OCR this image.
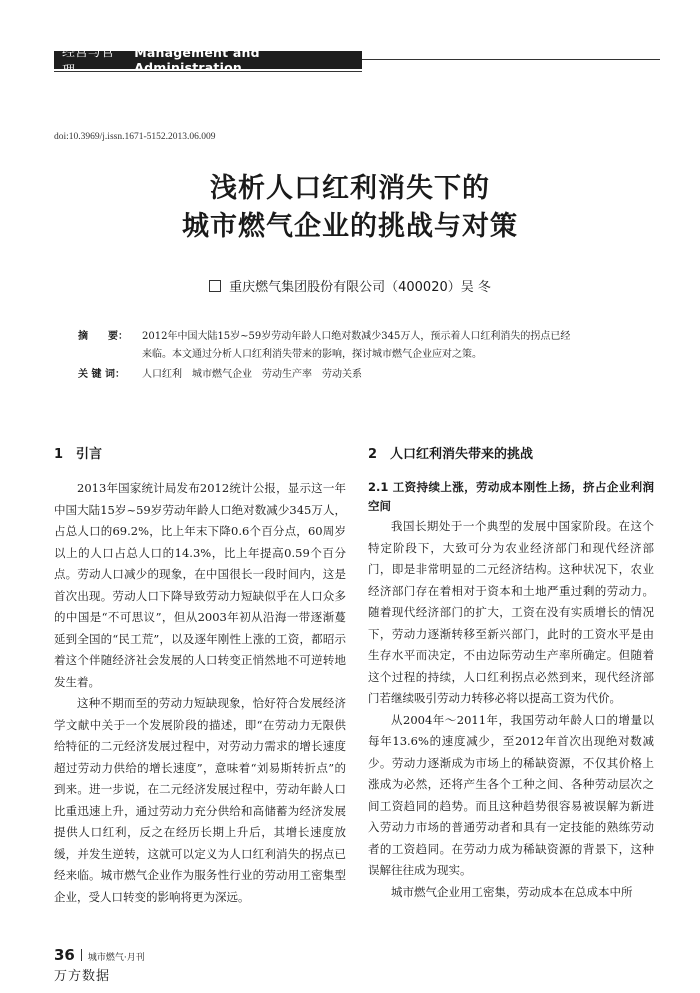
经营与管理
Management and Administration
doi:10.3969/j.issn.1671-5152.2013.06.009
浅析人口红利消失下的
城市燃气企业的挑战与对策
重庆燃气集团股份有限公司（400020）吴 冬
摘　　要： 2012年中国大陆15岁~59岁劳动年龄人口绝对数减少345万人，预示着人口红利消失的拐点已经
来临。本文通过分析人口红利消失带来的影响，探讨城市燃气企业应对之策。
关 键 词： 人口红利　城市燃气企业　劳动生产率　劳动关系
1 引言	2 人口红利消失带来的挑战

2013年国家统计局发布2012统计公报，显示这一年中国大陆15岁~59岁劳动年龄人口绝对数减少345万人，占总人口的69.2%，比上年末下降0.6个百分点，60周岁以上的人口占总人口的14.3%，比上年提高0.59个百分点。劳动人口减少的现象，在中国很长一段时间内，这是首次出现。劳动人口下降导致劳动力短缺似乎在人口众多的中国是“不可思议”，但从2003年初从沿海一带逐渐蔓延到全国的“民工荒”，以及逐年刚性上涨的工资，都昭示着这个伴随经济社会发展的人口转变正悄然地不可逆转地发生着。

这种不期而至的劳动力短缺现象，恰好符合发展经济学文献中关于一个发展阶段的描述，即“在劳动力无限供给特征的二元经济发展过程中，对劳动力需求的增长速度超过劳动力供给的增长速度”，意味着“刘易斯转折点”的到来。进一步说，在二元经济发展过程中，劳动年龄人口比重迅速上升，通过劳动力充分供给和高储蓄为经济发展提供人口红利，反之在经历长期上升后，其增长速度放缓，并发生逆转，这就可以定义为人口红利消失的拐点已经来临。城市燃气企业作为服务性行业的劳动用工密集型企业，受人口转变的影响将更为深远。

2.1 工资持续上涨，劳动成本刚性上扬，挤占企业利润空间

我国长期处于一个典型的发展中国家阶段。在这个特定阶段下，大致可分为农业经济部门和现代经济部门，即是非常明显的二元经济结构。这种状况下，农业经济部门存在着相对于资本和土地严重过剩的劳动力。随着现代经济部门的扩大，工资在没有实质增长的情况下，劳动力逐渐转移至新兴部门，此时的工资水平是由生存水平而决定，不由边际劳动生产率所确定。但随着这个过程的持续，人口红利拐点必然到来，现代经济部门若继续吸引劳动力转移必将以提高工资为代价。

从2004年～2011年，我国劳动年龄人口的增量以每年13.6%的速度减少，至2012年首次出现绝对数减少。劳动力逐渐成为市场上的稀缺资源，不仅其价格上涨成为必然，还将产生各个工种之间、各种劳动层次之间工资趋同的趋势。而且这种趋势很容易被误解为新进入劳动力市场的普通劳动者和具有一定技能的熟练劳动者的工资趋同。在劳动力成为稀缺资源的背景下，这种误解往往成为现实。

城市燃气企业用工密集，劳动成本在总成本中所

36 城市燃气·月刊
万方数据
